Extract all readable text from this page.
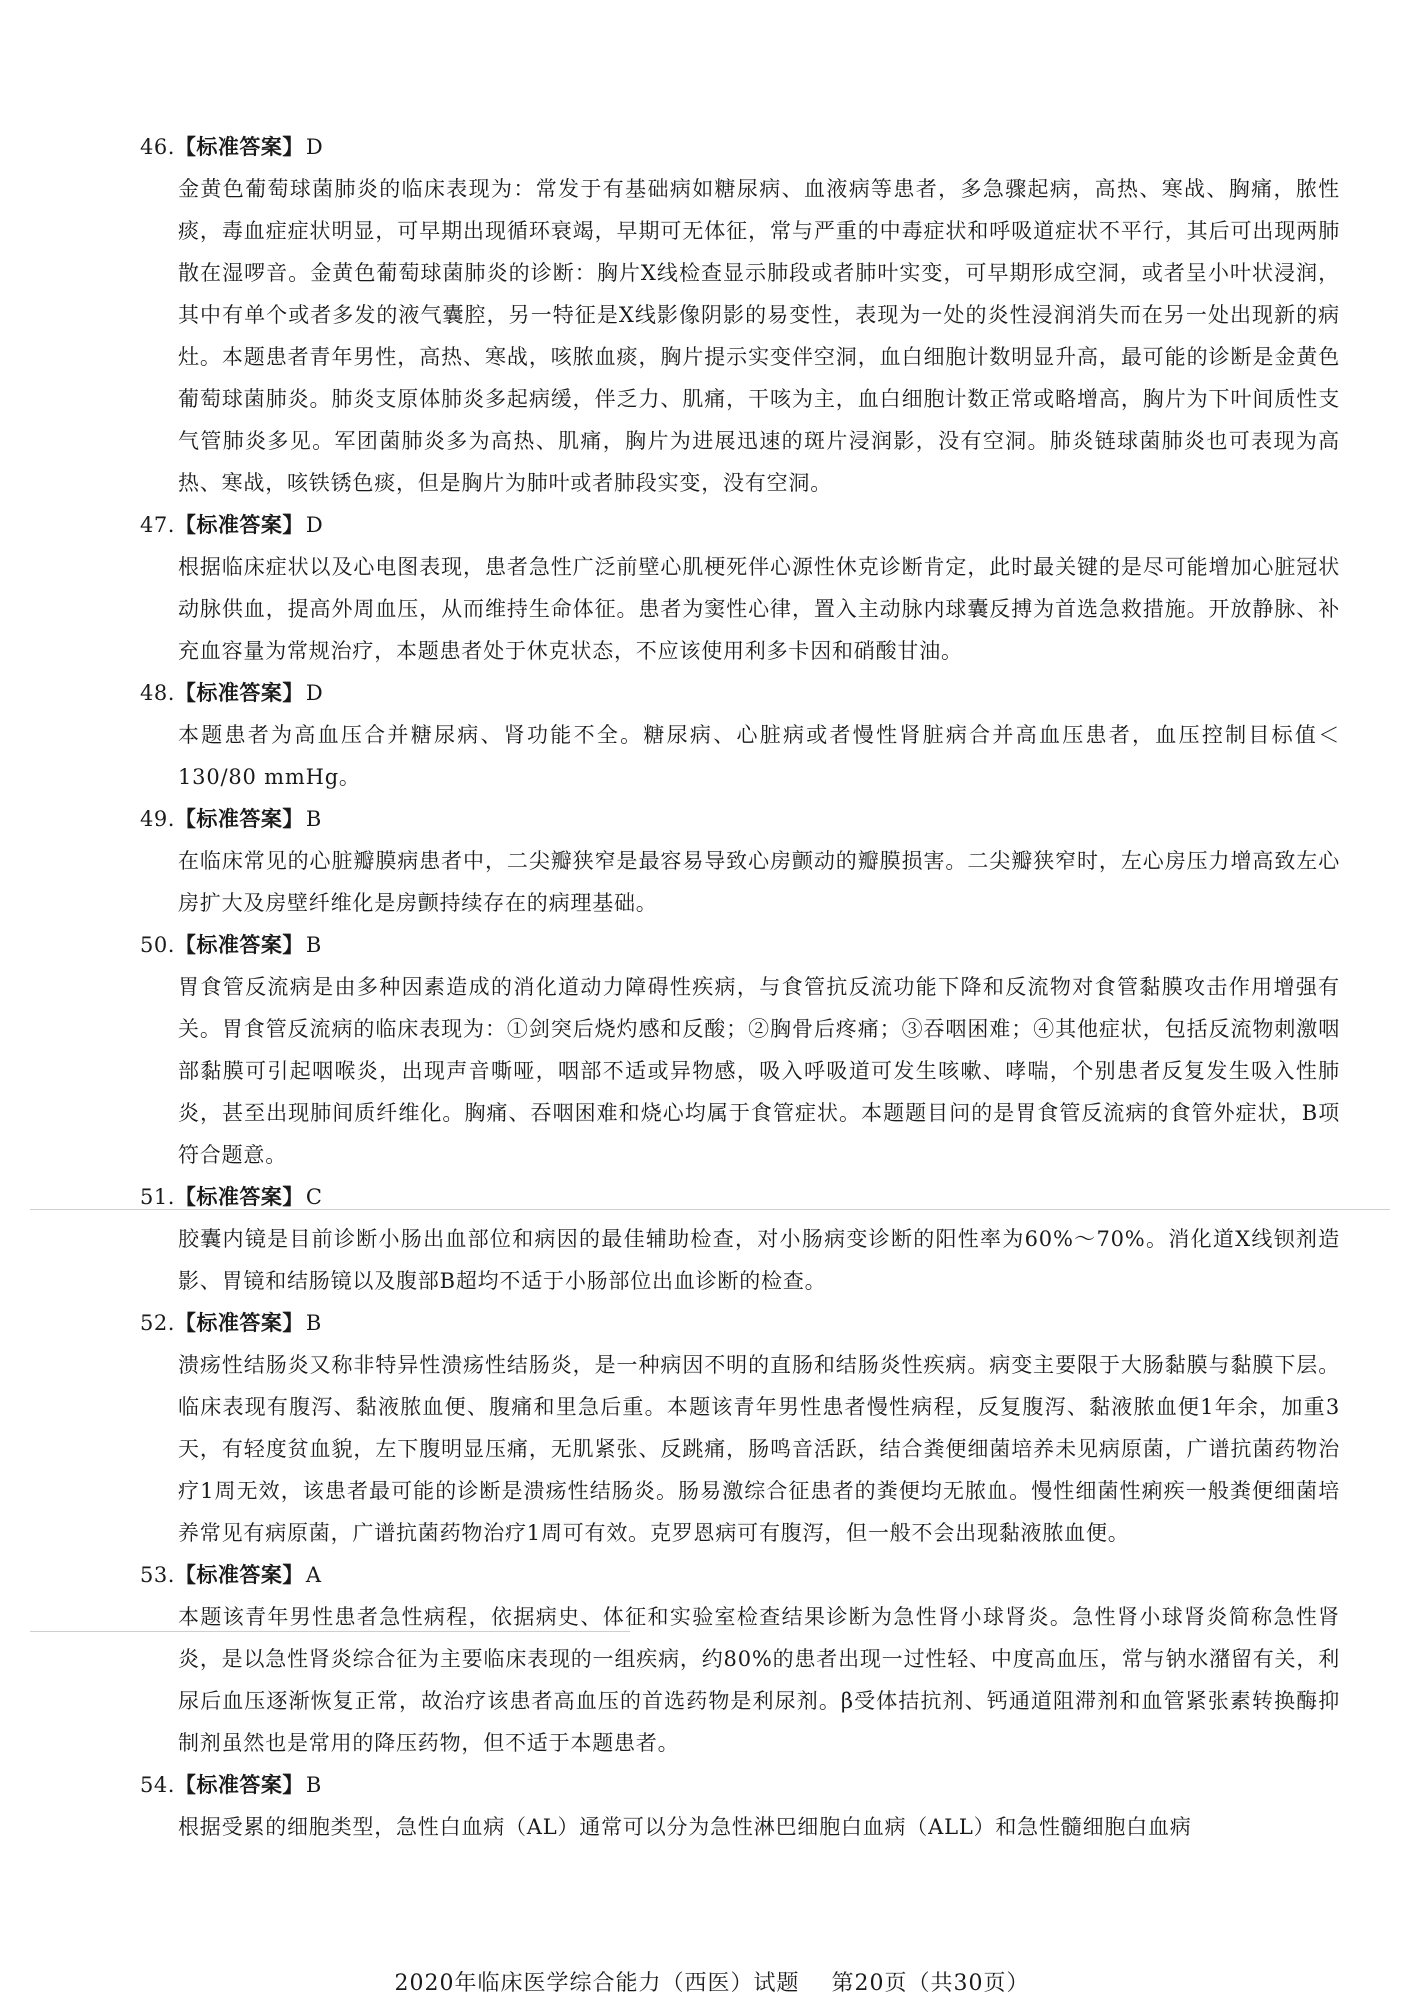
46.【标准答案】D

金黄色葡萄球菌肺炎的临床表现为：常发于有基础病如糖尿病、血液病等患者，多急骤起病，高热、寒战、胸痛，脓性痰，毒血症症状明显，可早期出现循环衰竭，早期可无体征，常与严重的中毒症状和呼吸道症状不平行，其后可出现两肺散在湿啰音。金黄色葡萄球菌肺炎的诊断：胸片X线检查显示肺段或者肺叶实变，可早期形成空洞，或者呈小叶状浸润，其中有单个或者多发的液气囊腔，另一特征是X线影像阴影的易变性，表现为一处的炎性浸润消失而在另一处出现新的病灶。本题患者青年男性，高热、寒战，咳脓血痰，胸片提示实变伴空洞，血白细胞计数明显升高，最可能的诊断是金黄色葡萄球菌肺炎。肺炎支原体肺炎多起病缓，伴乏力、肌痛，干咳为主，血白细胞计数正常或略增高，胸片为下叶间质性支气管肺炎多见。军团菌肺炎多为高热、肌痛，胸片为进展迅速的斑片浸润影，没有空洞。肺炎链球菌肺炎也可表现为高热、寒战，咳铁锈色痰，但是胸片为肺叶或者肺段实变，没有空洞。

47.【标准答案】D

根据临床症状以及心电图表现，患者急性广泛前壁心肌梗死伴心源性休克诊断肯定，此时最关键的是尽可能增加心脏冠状动脉供血，提高外周血压，从而维持生命体征。患者为窦性心律，置入主动脉内球囊反搏为首选急救措施。开放静脉、补充血容量为常规治疗，本题患者处于休克状态，不应该使用利多卡因和硝酸甘油。

48.【标准答案】D

本题患者为高血压合并糖尿病、肾功能不全。糖尿病、心脏病或者慢性肾脏病合并高血压患者，血压控制目标值＜130/80 mmHg。

49.【标准答案】B

在临床常见的心脏瓣膜病患者中，二尖瓣狭窄是最容易导致心房颤动的瓣膜损害。二尖瓣狭窄时，左心房压力增高致左心房扩大及房壁纤维化是房颤持续存在的病理基础。

50.【标准答案】B

胃食管反流病是由多种因素造成的消化道动力障碍性疾病，与食管抗反流功能下降和反流物对食管黏膜攻击作用增强有关。胃食管反流病的临床表现为：①剑突后烧灼感和反酸；②胸骨后疼痛；③吞咽困难；④其他症状，包括反流物刺激咽部黏膜可引起咽喉炎，出现声音嘶哑，咽部不适或异物感，吸入呼吸道可发生咳嗽、哮喘，个别患者反复发生吸入性肺炎，甚至出现肺间质纤维化。胸痛、吞咽困难和烧心均属于食管症状。本题题目问的是胃食管反流病的食管外症状，B项符合题意。

51.【标准答案】C

胶囊内镜是目前诊断小肠出血部位和病因的最佳辅助检查，对小肠病变诊断的阳性率为60%～70%。消化道X线钡剂造影、胃镜和结肠镜以及腹部B超均不适于小肠部位出血诊断的检查。

52.【标准答案】B

溃疡性结肠炎又称非特异性溃疡性结肠炎，是一种病因不明的直肠和结肠炎性疾病。病变主要限于大肠黏膜与黏膜下层。临床表现有腹泻、黏液脓血便、腹痛和里急后重。本题该青年男性患者慢性病程，反复腹泻、黏液脓血便1年余，加重3天，有轻度贫血貌，左下腹明显压痛，无肌紧张、反跳痛，肠鸣音活跃，结合粪便细菌培养未见病原菌，广谱抗菌药物治疗1周无效，该患者最可能的诊断是溃疡性结肠炎。肠易激综合征患者的粪便均无脓血。慢性细菌性痢疾一般粪便细菌培养常见有病原菌，广谱抗菌药物治疗1周可有效。克罗恩病可有腹泻，但一般不会出现黏液脓血便。

53.【标准答案】A

本题该青年男性患者急性病程，依据病史、体征和实验室检查结果诊断为急性肾小球肾炎。急性肾小球肾炎简称急性肾炎，是以急性肾炎综合征为主要临床表现的一组疾病，约80%的患者出现一过性轻、中度高血压，常与钠水潴留有关，利尿后血压逐渐恢复正常，故治疗该患者高血压的首选药物是利尿剂。β受体拮抗剂、钙通道阻滞剂和血管紧张素转换酶抑制剂虽然也是常用的降压药物，但不适于本题患者。

54.【标准答案】B

根据受累的细胞类型，急性白血病（AL）通常可以分为急性淋巴细胞白血病（ALL）和急性髓细胞白血病

2020年临床医学综合能力（西医）试题 第20页（共30页）
